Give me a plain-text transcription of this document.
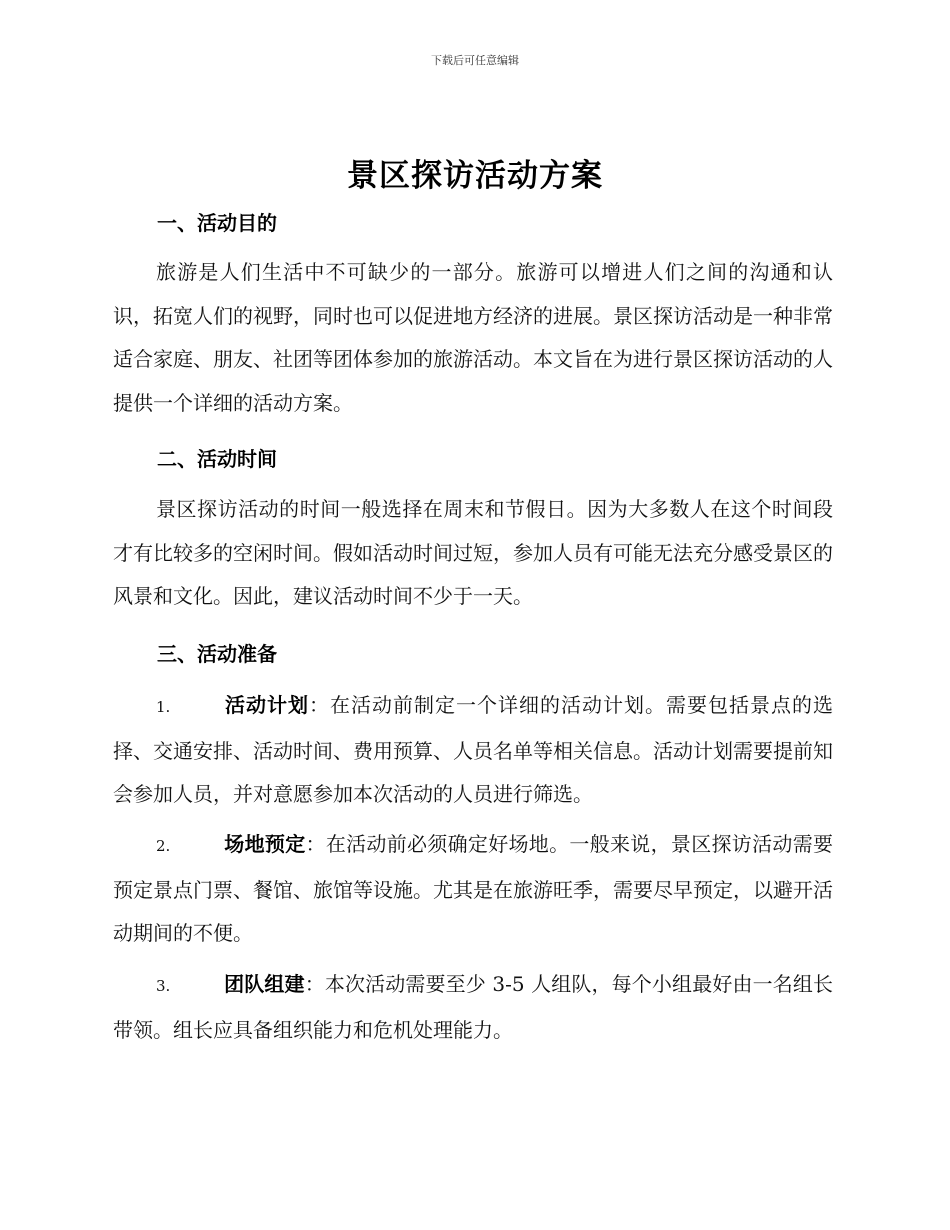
下载后可任意编辑
景区探访活动方案
一、活动目的
旅游是人们生活中不可缺少的一部分。旅游可以增进人们之间的沟通和认识，拓宽人们的视野，同时也可以促进地方经济的进展。景区探访活动是一种非常适合家庭、朋友、社团等团体参加的旅游活动。本文旨在为进行景区探访活动的人提供一个详细的活动方案。
二、活动时间
景区探访活动的时间一般选择在周末和节假日。因为大多数人在这个时间段才有比较多的空闲时间。假如活动时间过短，参加人员有可能无法充分感受景区的风景和文化。因此，建议活动时间不少于一天。
三、活动准备
1.	活动计划：在活动前制定一个详细的活动计划。需要包括景点的选择、交通安排、活动时间、费用预算、人员名单等相关信息。活动计划需要提前知会参加人员，并对意愿参加本次活动的人员进行筛选。
2.	场地预定：在活动前必须确定好场地。一般来说，景区探访活动需要预定景点门票、餐馆、旅馆等设施。尤其是在旅游旺季，需要尽早预定，以避开活动期间的不便。
3.	团队组建：本次活动需要至少 3-5 人组队，每个小组最好由一名组长带领。组长应具备组织能力和危机处理能力。
